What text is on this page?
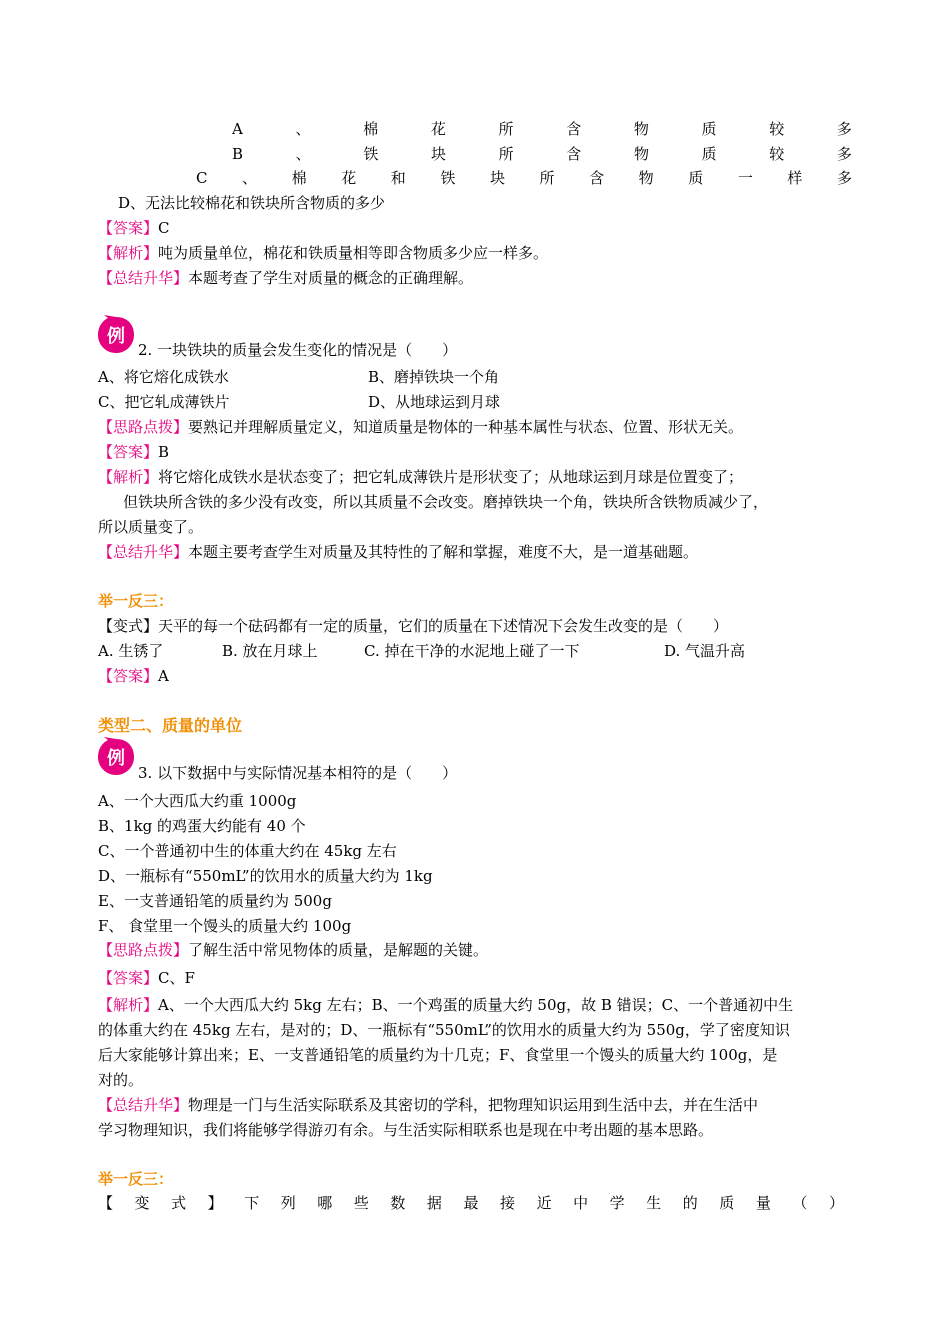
A	、	棉	花	所	含	物	质	较	多
B	、	铁	块	所	含	物	质	较	多
C 、 棉 花 和 铁 块 所 含 物 质 一 样 多
D、无法比较棉花和铁块所含物质的多少
【答案】C
【解析】吨为质量单位，棉花和铁质量相等即含物质多少应一样多。
【总结升华】本题考查了学生对质量的概念的正确理解。
例
2. 一块铁块的质量会发生变化的情况是（　　）
A、将它熔化成铁水	B、磨掉铁块一个角
C、把它轧成薄铁片	D、从地球运到月球
【思路点拨】要熟记并理解质量定义，知道质量是物体的一种基本属性与状态、位置、形状无关。
【答案】B
【解析】将它熔化成铁水是状态变了；把它轧成薄铁片是形状变了；从地球运到月球是位置变了；
但铁块所含铁的多少没有改变，所以其质量不会改变。磨掉铁块一个角，铁块所含铁物质减少了，
所以质量变了。
【总结升华】本题主要考查学生对质量及其特性的了解和掌握，难度不大，是一道基础题。
举一反三：
【变式】天平的每一个砝码都有一定的质量，它们的质量在下述情况下会发生改变的是（　　）
A. 生锈了	B. 放在月球上	C. 掉在干净的水泥地上碰了一下	D. 气温升高
【答案】A
类型二、质量的单位
例
3. 以下数据中与实际情况基本相符的是（　　）
A、一个大西瓜大约重 1000g
B、1kg 的鸡蛋大约能有 40 个
C、一个普通初中生的体重大约在 45kg 左右
D、一瓶标有“550mL”的饮用水的质量大约为 1kg
E、一支普通铅笔的质量约为 500g
F、 食堂里一个馒头的质量大约 100g
【思路点拨】了解生活中常见物体的质量，是解题的关键。
【答案】C、F
【解析】A、一个大西瓜大约 5kg 左右；B、一个鸡蛋的质量大约 50g，故 B 错误；C、一个普通初中生
的体重大约在 45kg 左右，是对的；D、一瓶标有“550mL”的饮用水的质量大约为 550g，学了密度知识
后大家能够计算出来；E、一支普通铅笔的质量约为十几克；F、食堂里一个馒头的质量大约 100g，是
对的。
【总结升华】物理是一门与生活实际联系及其密切的学科，把物理知识运用到生活中去，并在生活中
学习物理知识，我们将能够学得游刃有余。与生活实际相联系也是现在中考出题的基本思路。
举一反三：
【 变 式 】 下 列 哪 些 数 据 最 接 近 中 学 生 的 质 量 （ ）
